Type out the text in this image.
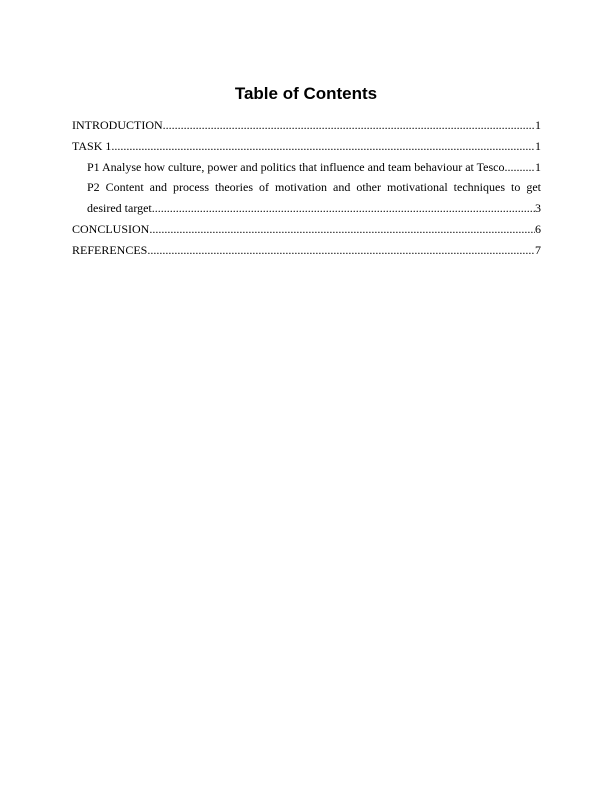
Table of Contents
INTRODUCTION .....	1
TASK 1 .....	1
P1 Analyse how culture, power and politics that influence and team behaviour at Tesco .....	1
P2 Content and process theories of motivation and other motivational techniques to get
desired target .....	3
CONCLUSION .....	6
REFERENCES .....	7
